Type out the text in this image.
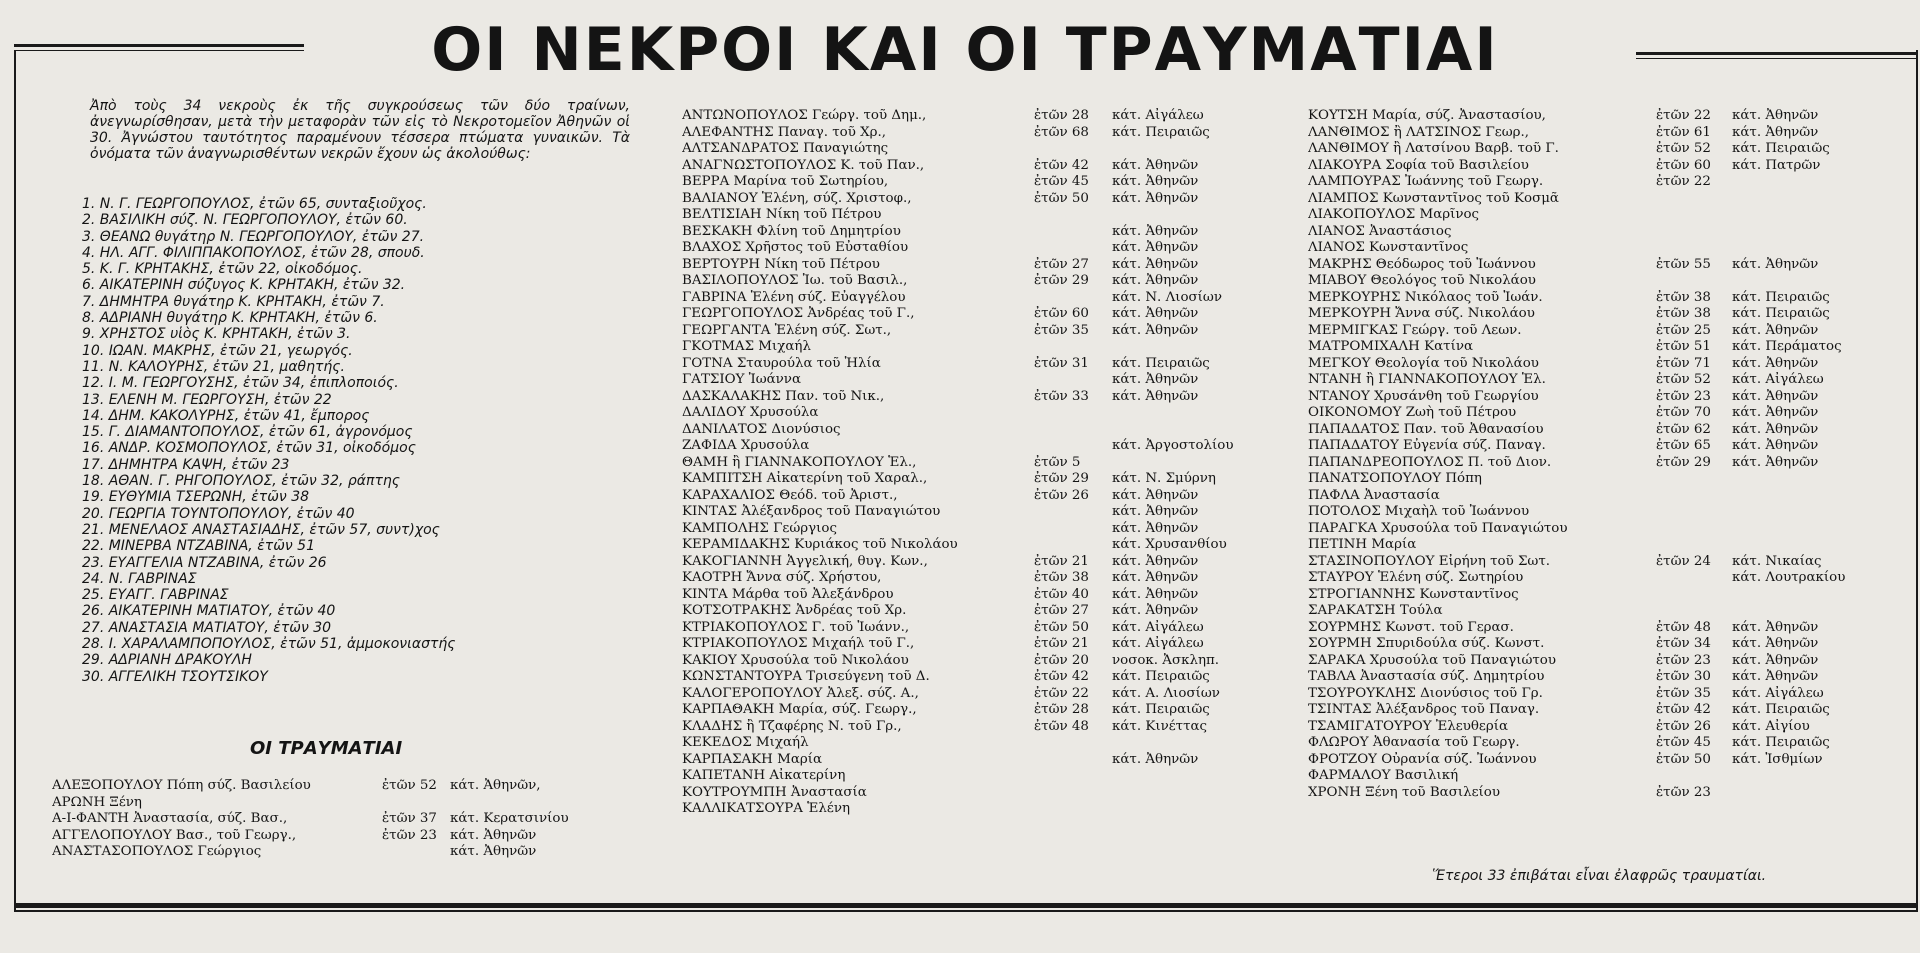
ΟΙ ΝΕΚΡΟΙ ΚΑΙ ΟΙ ΤΡΑΥΜΑΤΙΑΙ

Ἀπὸ τοὺς 34 νεκροὺς ἐκ τῆς συγκρούσεως τῶν δύο τραίνων, ἀνεγνωρίσθησαν, μετὰ τὴν μεταφορὰν τῶν εἰς τὸ Νεκροτομεῖον Ἀθηνῶν οἱ 30. Ἀγνώστου ταυτότητος παραμένουν τέσσερα πτώματα γυναικῶν. Τὰ ὀνόματα τῶν ἀναγνωρισθέντων νεκρῶν ἔχουν ὡς ἀκολούθως:

1. Ν. Γ. ΓΕΩΡΓΟΠΟΥΛΟΣ, ἐτῶν 65, συνταξιοῦχος.
2. ΒΑΣΙΛΙΚΗ σύζ. Ν. ΓΕΩΡΓΟΠΟΥΛΟΥ, ἐτῶν 60.
3. ΘΕΑΝΩ θυγάτηρ Ν. ΓΕΩΡΓΟΠΟΥΛΟΥ, ἐτῶν 27.
4. ΗΛ. ΑΓΓ. ΦΙΛΙΠΠΑΚΟΠΟΥΛΟΣ, ἐτῶν 28, σπουδ.
5. Κ. Γ. ΚΡΗΤΑΚΗΣ, ἐτῶν 22, οἰκοδόμος.
6. ΑΙΚΑΤΕΡΙΝΗ σύζυγος Κ. ΚΡΗΤΑΚΗ, ἐτῶν 32.
7. ΔΗΜΗΤΡΑ θυγάτηρ Κ. ΚΡΗΤΑΚΗ, ἐτῶν 7.
8. ΑΔΡΙΑΝΗ θυγάτηρ Κ. ΚΡΗΤΑΚΗ, ἐτῶν 6.
9. ΧΡΗΣΤΟΣ υἱὸς Κ. ΚΡΗΤΑΚΗ, ἐτῶν 3.
10. ΙΩΑΝ. ΜΑΚΡΗΣ, ἐτῶν 21, γεωργός.
11. Ν. ΚΑΛΟΥΡΗΣ, ἐτῶν 21, μαθητής.
12. Ι. Μ. ΓΕΩΡΓΟΥΣΗΣ, ἐτῶν 34, ἐπιπλοποιός.
13. ΕΛΕΝΗ Μ. ΓΕΩΡΓΟΥΣΗ, ἐτῶν 22
14. ΔΗΜ. ΚΑΚΟΛΥΡΗΣ, ἐτῶν 41, ἔμπορος
15. Γ. ΔΙΑΜΑΝΤΟΠΟΥΛΟΣ, ἐτῶν 61, ἀγρονόμος
16. ΑΝΔΡ. ΚΟΣΜΟΠΟΥΛΟΣ, ἐτῶν 31, οἰκοδόμος
17. ΔΗΜΗΤΡΑ ΚΑΨΗ, ἐτῶν 23
18. ΑΘΑΝ. Γ. ΡΗΓΟΠΟΥΛΟΣ, ἐτῶν 32, ράπτης
19. ΕΥΘΥΜΙΑ ΤΣΕΡΩΝΗ, ἐτῶν 38
20. ΓΕΩΡΓΙΑ ΤΟΥΝΤΟΠΟΥΛΟΥ, ἐτῶν 40
21. ΜΕΝΕΛΑΟΣ ΑΝΑΣΤΑΣΙΑΔΗΣ, ἐτῶν 57, συντ)χος
22. ΜΙΝΕΡΒΑ ΝΤΖΑΒΙΝΑ, ἐτῶν 51
23. ΕΥΑΓΓΕΛΙΑ ΝΤΖΑΒΙΝΑ, ἐτῶν 26
24. Ν. ΓΑΒΡΙΝΑΣ
25. ΕΥΑΓΓ. ΓΑΒΡΙΝΑΣ
26. ΑΙΚΑΤΕΡΙΝΗ ΜΑΤΙΑΤΟΥ, ἐτῶν 40
27. ΑΝΑΣΤΑΣΙΑ ΜΑΤΙΑΤΟΥ, ἐτῶν 30
28. Ι. ΧΑΡΑΛΑΜΠΟΠΟΥΛΟΣ, ἐτῶν 51, ἀμμοκονιαστής
29. ΑΔΡΙΑΝΗ ΔΡΑΚΟΥΛΗ
30. ΑΓΓΕΛΙΚΗ ΤΣΟΥΤΣΙΚΟΥ
ΟΙ ΤΡΑΥΜΑΤΙΑΙ
ΑΛΕΞΟΠΟΥΛΟΥ Πόπη σύζ. Βασιλείου	ἐτῶν 52 κάτ. Ἀθηνῶν,
ΑΡΩΝΗ Ξένη
Α-Ι-ΦΑΝΤΗ Ἀναστασία, σύζ. Βασ.,	ἐτῶν 37 κάτ. Κερατσινίου
ΑΓΓΕΛΟΠΟΥΛΟΥ Βασ., τοῦ Γεωργ.,	ἐτῶν 23 κάτ. Ἀθηνῶν
ΑΝΑΣΤΑΣΟΠΟΥΛΟΣ Γεώργιος	κάτ. Ἀθηνῶν
ΑΝΤΩΝΟΠΟΥΛΟΣ Γεώργ. τοῦ Δημ.,	ἐτῶν 28 κάτ. Αἰγάλεω
ΑΛΕΦΑΝΤΗΣ Παναγ. τοῦ Χρ.,	ἐτῶν 68 κάτ. Πειραιῶς
ΑΛΤΣΑΝΔΡΑΤΟΣ Παναγιώτης
ΑΝΑΓΝΩΣΤΟΠΟΥΛΟΣ Κ. τοῦ Παν.,	ἐτῶν 42 κάτ. Ἀθηνῶν
ΒΕΡΡΑ Μαρίνα τοῦ Σωτηρίου,	ἐτῶν 45 κάτ. Ἀθηνῶν
ΒΑΛΙΑΝΟΥ Ἑλένη, σύζ. Χριστοφ.,	ἐτῶν 50 κάτ. Ἀθηνῶν
ΒΕΛΤΙΣΙΑΗ Νίκη τοῦ Πέτρου
ΒΕΣΚΑΚΗ Φλίνη τοῦ Δημητρίου	κάτ. Ἀθηνῶν
ΒΛΑΧΟΣ Χρῆστος τοῦ Εὐσταθίου	κάτ. Ἀθηνῶν
ΒΕΡΤΟΥΡΗ Νίκη τοῦ Πέτρου	ἐτῶν 27 κάτ. Ἀθηνῶν
ΒΑΣΙΛΟΠΟΥΛΟΣ Ἰω. τοῦ Βασιλ.,	ἐτῶν 29 κάτ. Ἀθηνῶν
ΓΑΒΡΙΝΑ Ἑλένη σύζ. Εὐαγγέλου	κάτ. Ν. Λιοσίων
ΓΕΩΡΓΟΠΟΥΛΟΣ Ἀνδρέας τοῦ Γ.,	ἐτῶν 60 κάτ. Ἀθηνῶν
ΓΕΩΡΓΑΝΤΑ Ἑλένη σύζ. Σωτ.,	ἐτῶν 35 κάτ. Ἀθηνῶν
ΓΚΟΤΜΑΣ Μιχαήλ
ΓΟΤΝΑ Σταυρούλα τοῦ Ἠλία	ἐτῶν 31 κάτ. Πειραιῶς
ΓΑΤΣΙΟΥ Ἰωάννα	κάτ. Ἀθηνῶν
ΔΑΣΚΑΛΑΚΗΣ Παν. τοῦ Νικ.,	ἐτῶν 33 κάτ. Ἀθηνῶν
ΔΑΛΙΔΟΥ Χρυσούλα
ΔΑΝΙΛΑΤΟΣ Διονύσιος
ΖΑΦΙΔΑ Χρυσούλα	κάτ. Ἀργοστολίου
ΘΑΜΗ ἢ ΓΙΑΝΝΑΚΟΠΟΥΛΟΥ Ἑλ.,	ἐτῶν 5
ΚΑΜΠΙΤΣΗ Αἰκατερίνη τοῦ Χαραλ.,	ἐτῶν 29 κάτ. Ν. Σμύρνη
ΚΑΡΑΧΑΛΙΟΣ Θεόδ. τοῦ Ἀριστ.,	ἐτῶν 26 κάτ. Ἀθηνῶν
ΚΙΝΤΑΣ Ἀλέξανδρος τοῦ Παναγιώτου	κάτ. Ἀθηνῶν
ΚΑΜΠΟΛΗΣ Γεώργιος	κάτ. Ἀθηνῶν
ΚΕΡΑΜΙΔΑΚΗΣ Κυριάκος τοῦ Νικολάου	κάτ. Χρυσανθίου
ΚΑΚΟΓΙΑΝΝΗ Ἀγγελική, θυγ. Κων.,	ἐτῶν 21 κάτ. Ἀθηνῶν
ΚΑΟΤΡΗ Ἄννα σύζ. Χρήστου,	ἐτῶν 38 κάτ. Ἀθηνῶν
ΚΙΝΤΑ Μάρθα τοῦ Ἀλεξάνδρου	ἐτῶν 40 κάτ. Ἀθηνῶν
ΚΟΤΣΟΤΡΑΚΗΣ Ἀνδρέας τοῦ Χρ.	ἐτῶν 27 κάτ. Ἀθηνῶν
ΚΤΡΙΑΚΟΠΟΥΛΟΣ Γ. τοῦ Ἰωάνν.,	ἐτῶν 50 κάτ. Αἰγάλεω
ΚΤΡΙΑΚΟΠΟΥΛΟΣ Μιχαήλ τοῦ Γ.,	ἐτῶν 21 κάτ. Αἰγάλεω
ΚΑΚΙΟΥ Χρυσούλα τοῦ Νικολάου	ἐτῶν 20 νοσοκ. Ἀσκληπ.
ΚΩΝΣΤΑΝΤΟΥΡΑ Τρισεύγενη τοῦ Δ.	ἐτῶν 42 κάτ. Πειραιῶς
ΚΑΛΟΓΕΡΟΠΟΥΛΟΥ Ἀλεξ. σύζ. Α.,	ἐτῶν 22 κάτ. Α. Λιοσίων
ΚΑΡΠΑΘΑΚΗ Μαρία, σύζ. Γεωργ.,	ἐτῶν 28 κάτ. Πειραιῶς
ΚΛΑΔΗΣ ἢ Τζαφέρης Ν. τοῦ Γρ.,	ἐτῶν 48 κάτ. Κινέττας
ΚΕΚΕΔΟΣ Μιχαήλ
ΚΑΡΠΑΣΑΚΗ Μαρία	κάτ. Ἀθηνῶν
ΚΑΠΕΤΑΝΗ Αἰκατερίνη
ΚΟΥΤΡΟΥΜΠΗ Ἀναστασία
ΚΑΛΛΙΚΑΤΣΟΥΡΑ Ἑλένη
ΚΟΥΤΣΗ Μαρία, σύζ. Ἀναστασίου,	ἐτῶν 22 κάτ. Ἀθηνῶν
ΛΑΝΘΙΜΟΣ ἢ ΛΑΤΣΙΝΟΣ Γεωρ.,	ἐτῶν 61 κάτ. Ἀθηνῶν
ΛΑΝΘΙΜΟΥ ἢ Λατσίνου Βαρβ. τοῦ Γ.	ἐτῶν 52 κάτ. Πειραιῶς
ΛΙΑΚΟΥΡΑ Σοφία τοῦ Βασιλείου	ἐτῶν 60 κάτ. Πατρῶν
ΛΑΜΠΟΥΡΑΣ Ἰωάννης τοῦ Γεωργ.	ἐτῶν 22
ΛΙΑΜΠΟΣ Κωνσταντῖνος τοῦ Κοσμᾶ
ΛΙΑΚΟΠΟΥΛΟΣ Μαρῖνος
ΛΙΑΝΟΣ Ἀναστάσιος
ΛΙΑΝΟΣ Κωνσταντῖνος
ΜΑΚΡΗΣ Θεόδωρος τοῦ Ἰωάννου	ἐτῶν 55 κάτ. Ἀθηνῶν
ΜΙΑΒΟΥ Θεολόγος τοῦ Νικολάου
ΜΕΡΚΟΥΡΗΣ Νικόλαος τοῦ Ἰωάν.	ἐτῶν 38 κάτ. Πειραιῶς
ΜΕΡΚΟΥΡΗ Ἄννα σύζ. Νικολάου	ἐτῶν 38 κάτ. Πειραιῶς
ΜΕΡΜΙΓΚΑΣ Γεώργ. τοῦ Λεων.	ἐτῶν 25 κάτ. Ἀθηνῶν
ΜΑΤΡΟΜΙΧΑΛΗ Κατίνα	ἐτῶν 51 κάτ. Περάματος
ΜΕΓΚΟΥ Θεολογία τοῦ Νικολάου	ἐτῶν 71 κάτ. Ἀθηνῶν
ΝΤΑΝΗ ἢ ΓΙΑΝΝΑΚΟΠΟΥΛΟΥ Ἑλ.	ἐτῶν 52 κάτ. Αἰγάλεω
ΝΤΑΝΟΥ Χρυσάνθη τοῦ Γεωργίου	ἐτῶν 23 κάτ. Ἀθηνῶν
ΟΙΚΟΝΟΜΟΥ Ζωὴ τοῦ Πέτρου	ἐτῶν 70 κάτ. Ἀθηνῶν
ΠΑΠΑΔΑΤΟΣ Παν. τοῦ Ἀθανασίου	ἐτῶν 62 κάτ. Ἀθηνῶν
ΠΑΠΑΔΑΤΟΥ Εὐγενία σύζ. Παναγ.	ἐτῶν 65 κάτ. Ἀθηνῶν
ΠΑΠΑΝΔΡΕΟΠΟΥΛΟΣ Π. τοῦ Διον.	ἐτῶν 29 κάτ. Ἀθηνῶν
ΠΑΝΑΤΣΟΠΟΥΛΟΥ Πόπη
ΠΑΦΛΑ Ἀναστασία
ΠΟΤΟΛΟΣ Μιχαὴλ τοῦ Ἰωάννου
ΠΑΡΑΓΚΑ Χρυσούλα τοῦ Παναγιώτου
ΠΕΤΙΝΗ Μαρία
ΣΤΑΣΙΝΟΠΟΥΛΟΥ Εἰρήνη τοῦ Σωτ.	ἐτῶν 24 κάτ. Νικαίας
ΣΤΑΥΡΟΥ Ἑλένη σύζ. Σωτηρίου	κάτ. Λουτρακίου
ΣΤΡΟΓΙΑΝΝΗΣ Κωνσταντῖνος
ΣΑΡΑΚΑΤΣΗ Τούλα
ΣΟΥΡΜΗΣ Κωνστ. τοῦ Γερασ.	ἐτῶν 48 κάτ. Ἀθηνῶν
ΣΟΥΡΜΗ Σπυριδούλα σύζ. Κωνστ.	ἐτῶν 34 κάτ. Ἀθηνῶν
ΣΑΡΑΚΑ Χρυσούλα τοῦ Παναγιώτου	ἐτῶν 23 κάτ. Ἀθηνῶν
ΤΑΒΛΑ Ἀναστασία σύζ. Δημητρίου	ἐτῶν 30 κάτ. Ἀθηνῶν
ΤΣΟΥΡΟΥΚΛΗΣ Διονύσιος τοῦ Γρ.	ἐτῶν 35 κάτ. Αἰγάλεω
ΤΣΙΝΤΑΣ Ἀλέξανδρος τοῦ Παναγ.	ἐτῶν 42 κάτ. Πειραιῶς
ΤΣΑΜΙΓΑΤΟΥΡΟΥ Ἐλευθερία	ἐτῶν 26 κάτ. Αἰγίου
ΦΛΩΡΟΥ Ἀθανασία τοῦ Γεωργ.	ἐτῶν 45 κάτ. Πειραιῶς
ΦΡΟΤΖΟΥ Οὐρανία σύζ. Ἰωάννου	ἐτῶν 50 κάτ. Ἰσθμίων
ΦΑΡΜΑΛΟΥ Βασιλική
ΧΡΟΝΗ Ξένη τοῦ Βασιλείου	ἐτῶν 23

Ἕτεροι 33 ἐπιβάται εἶναι ἐλαφρῶς τραυματίαι.
